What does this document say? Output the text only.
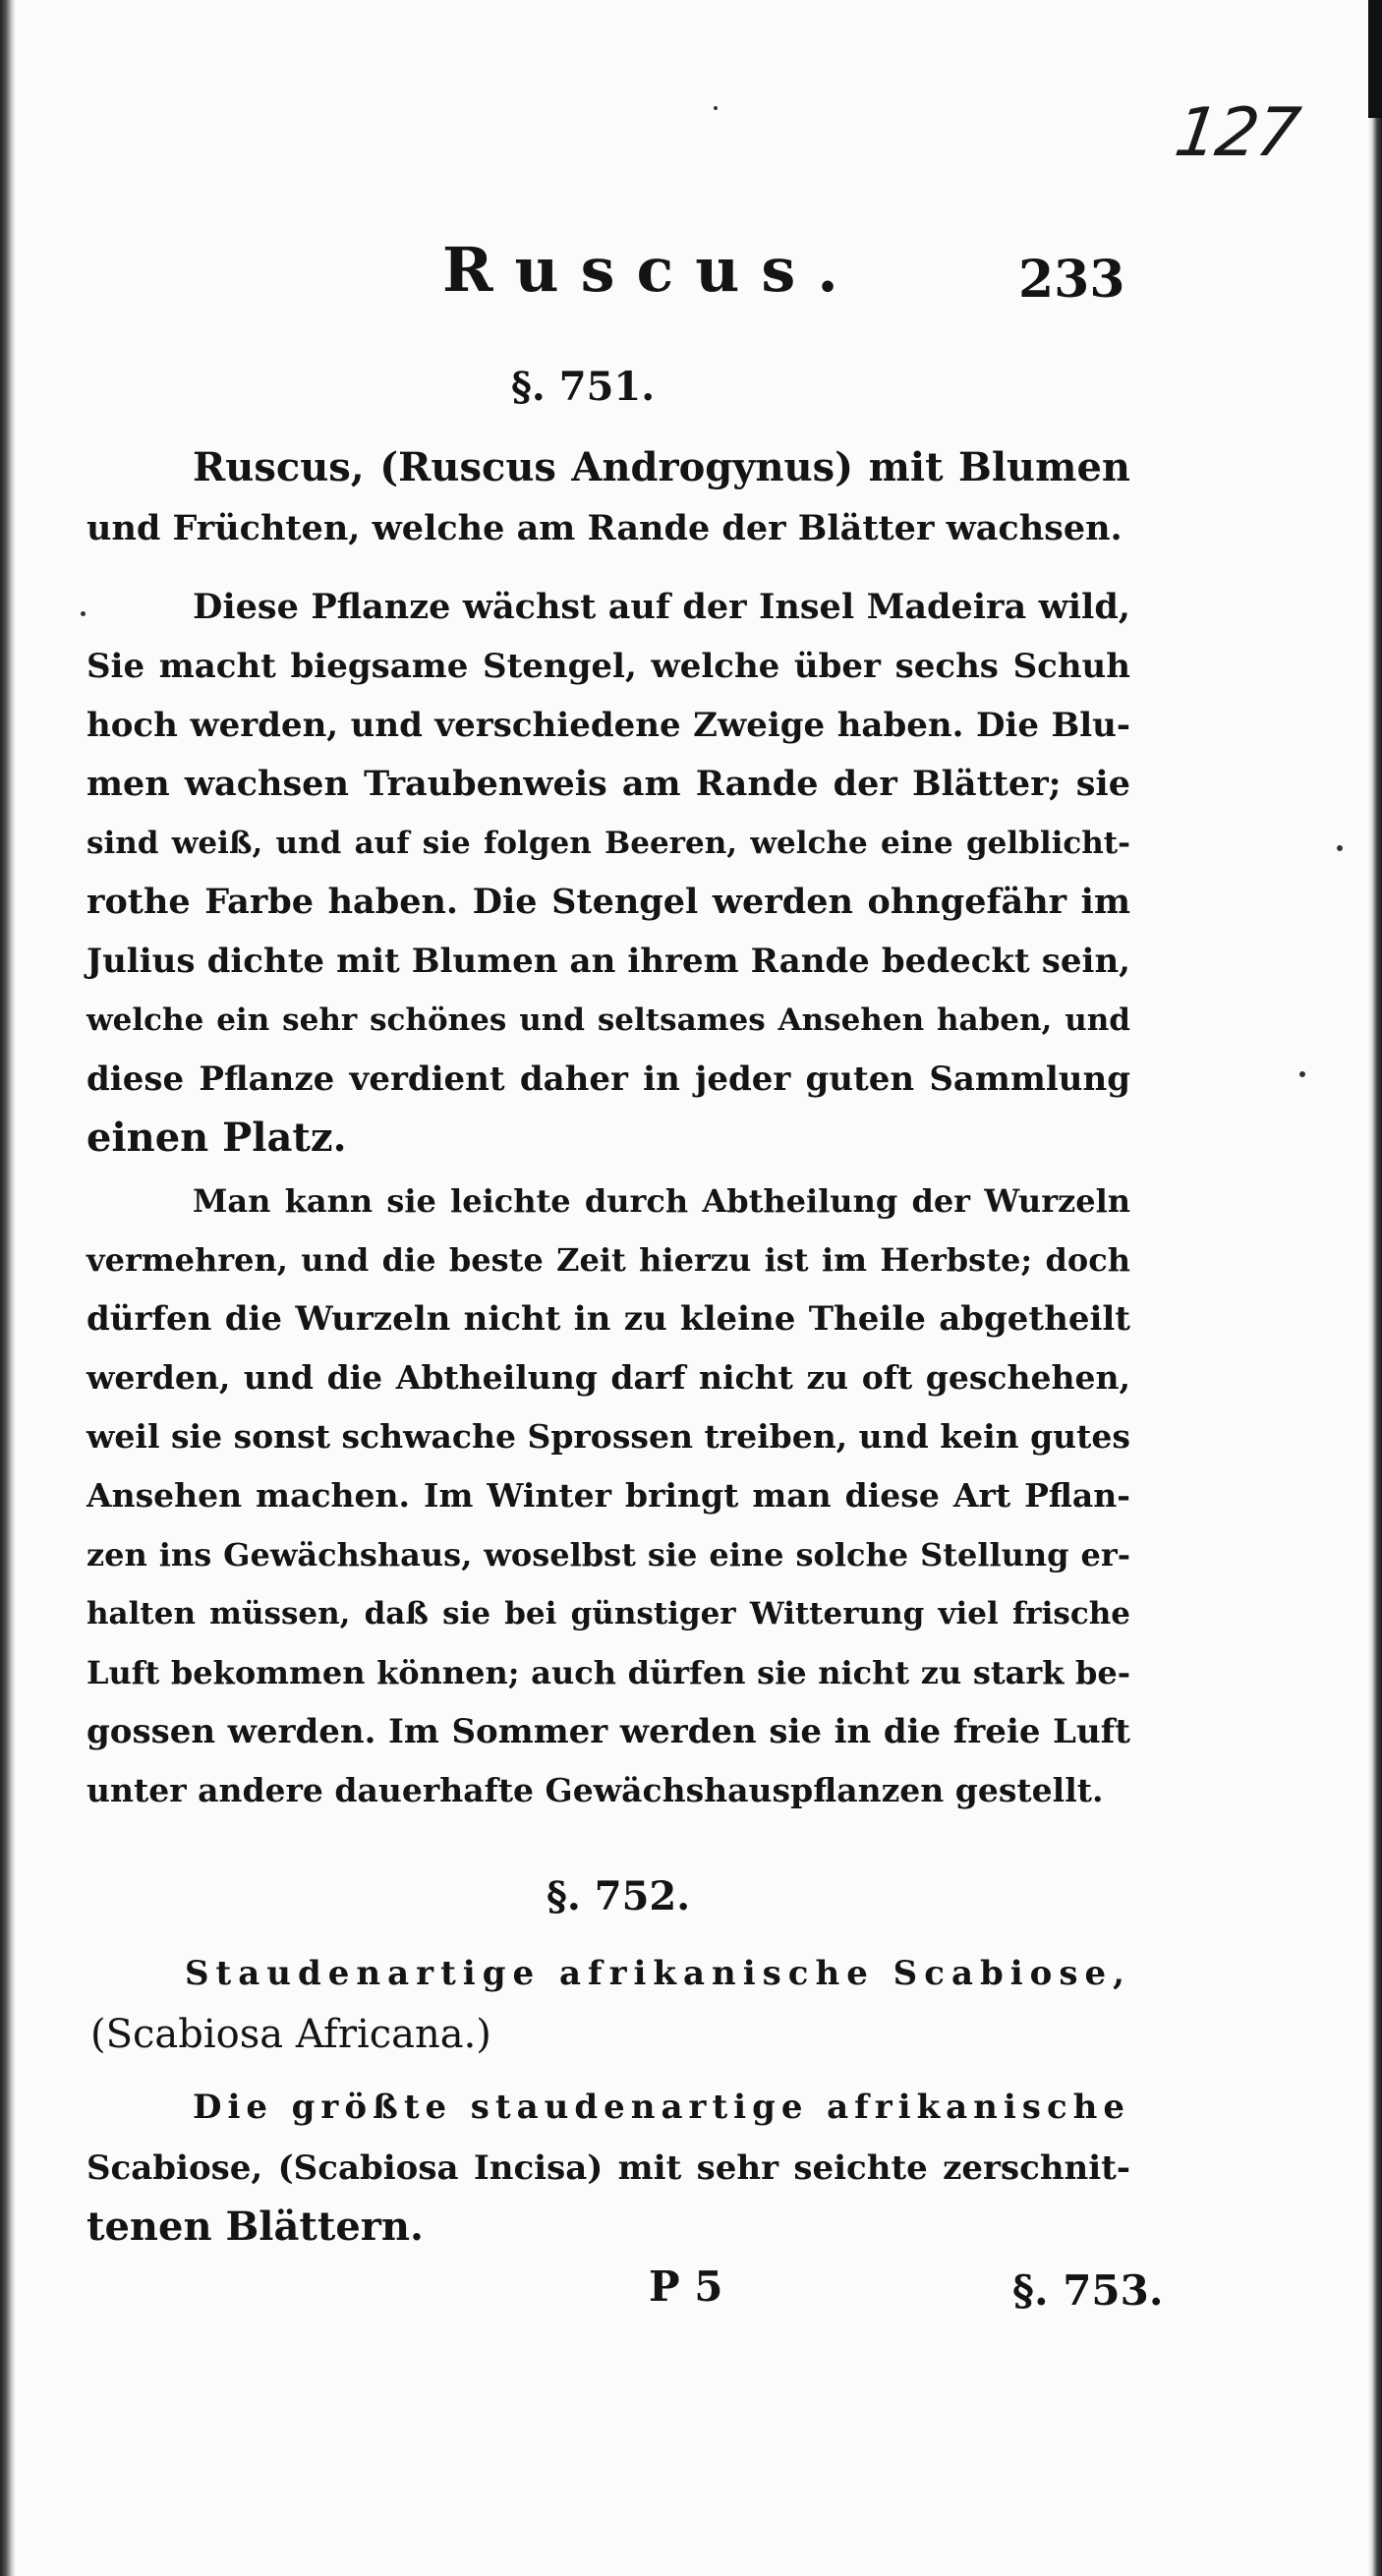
127
Ruscus.	233
§. 751.
Ruscus, (Ruscus Androgynus) mit Blumen
und Früchten, welche am Rande der Blätter wachsen.
Diese Pflanze wächst auf der Insel Madeira wild,
Sie macht biegsame Stengel, welche über sechs Schuh
hoch werden, und verschiedene Zweige haben. Die Blu-
men wachsen Traubenweis am Rande der Blätter; sie
sind weiß, und auf sie folgen Beeren, welche eine gelblicht-
rothe Farbe haben. Die Stengel werden ohngefähr im
Julius dichte mit Blumen an ihrem Rande bedeckt sein,
welche ein sehr schönes und seltsames Ansehen haben, und
diese Pflanze verdient daher in jeder guten Sammlung
einen Platz.
Man kann sie leichte durch Abtheilung der Wurzeln
vermehren, und die beste Zeit hierzu ist im Herbste; doch
dürfen die Wurzeln nicht in zu kleine Theile abgetheilt
werden, und die Abtheilung darf nicht zu oft geschehen,
weil sie sonst schwache Sprossen treiben, und kein gutes
Ansehen machen. Im Winter bringt man diese Art Pflan-
zen ins Gewächshaus, woselbst sie eine solche Stellung er-
halten müssen, daß sie bei günstiger Witterung viel frische
Luft bekommen können; auch dürfen sie nicht zu stark be-
gossen werden. Im Sommer werden sie in die freie Luft
unter andere dauerhafte Gewächshauspflanzen gestellt.
§. 752.
Staudenartige afrikanische Scabiose,
(Scabiosa Africana.)
Die größte staudenartige afrikanische
Scabiose, (Scabiosa Incisa) mit sehr seichte zerschnit-
tenen Blättern.
P 5	§. 753.
